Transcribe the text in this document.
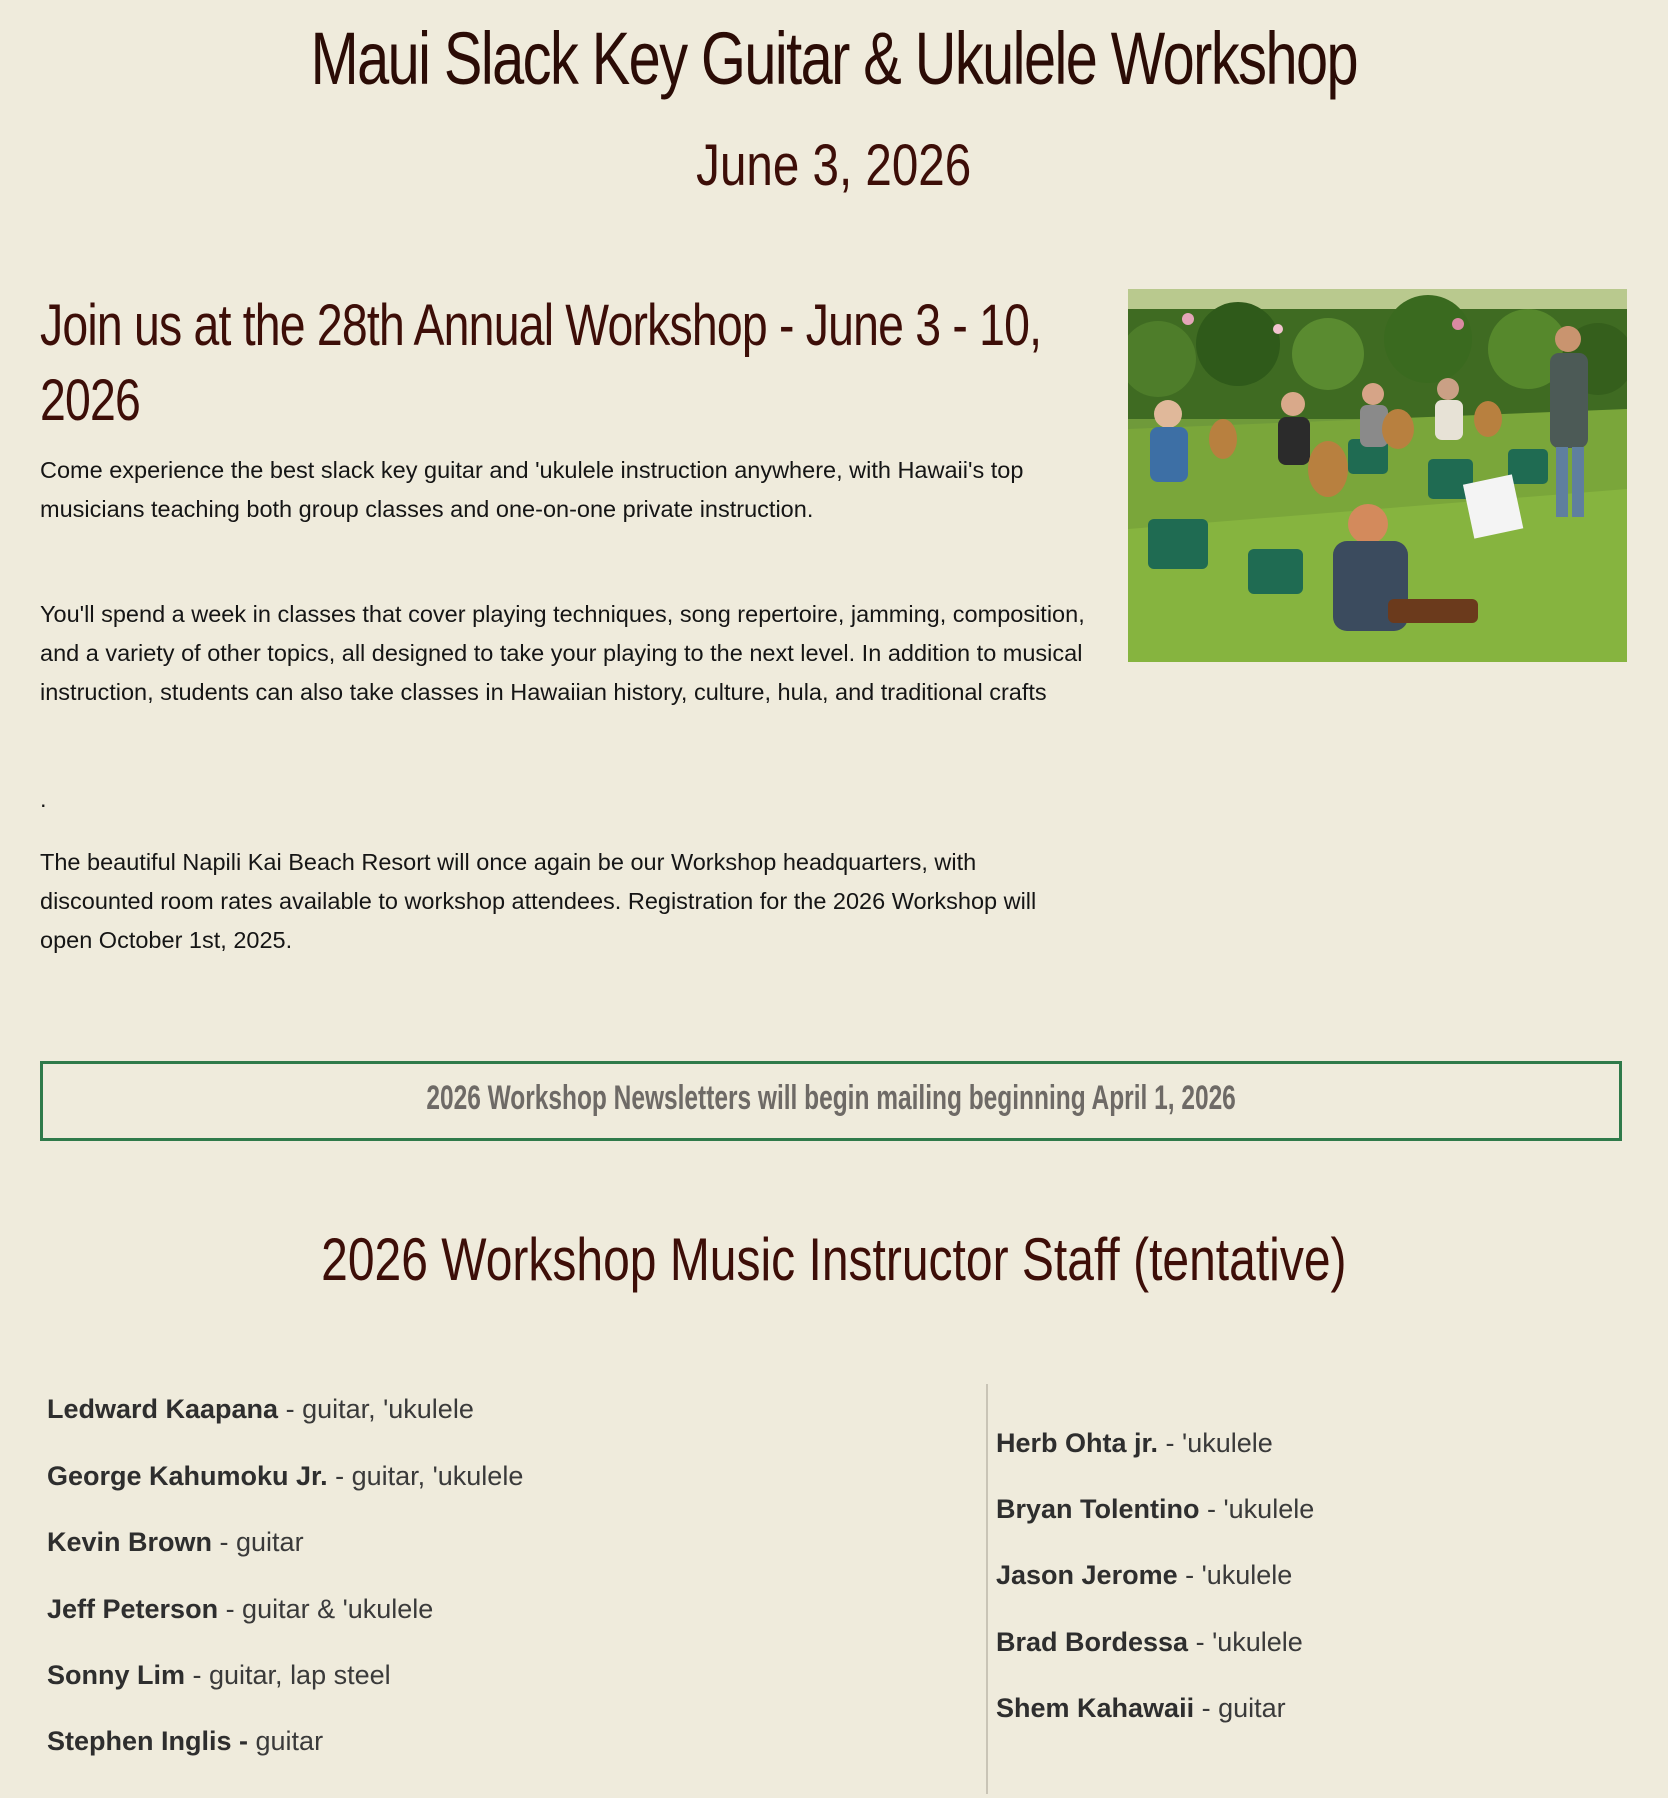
Maui Slack Key Guitar & Ukulele Workshop
June 3, 2026
Join us at the 28th Annual Workshop - June 3 - 10,
2026
Come experience the best slack key guitar and 'ukulele instruction anywhere, with Hawaii's top musicians teaching both group classes and one-on-one private instruction.
You'll spend a week in classes that cover playing techniques, song repertoire, jamming, composition, and a variety of other topics, all designed to take your playing to the next level. In addition to musical instruction, students can also take classes in Hawaiian history, culture, hula, and traditional crafts
.
The beautiful Napili Kai Beach Resort will once again be our Workshop headquarters, with discounted room rates available to workshop attendees. Registration for the 2026 Workshop will open October 1st, 2025.
2026 Workshop Newsletters will begin mailing beginning April 1, 2026
2026 Workshop Music Instructor Staff (tentative)
Ledward Kaapana - guitar, 'ukulele
George Kahumoku Jr. - guitar, 'ukulele
Kevin Brown - guitar
Jeff Peterson - guitar & 'ukulele
Sonny Lim - guitar, lap steel
Stephen Inglis - guitar
Herb Ohta jr. - 'ukulele
Bryan Tolentino - 'ukulele
Jason Jerome - 'ukulele
Brad Bordessa - 'ukulele
Shem Kahawaii - guitar
